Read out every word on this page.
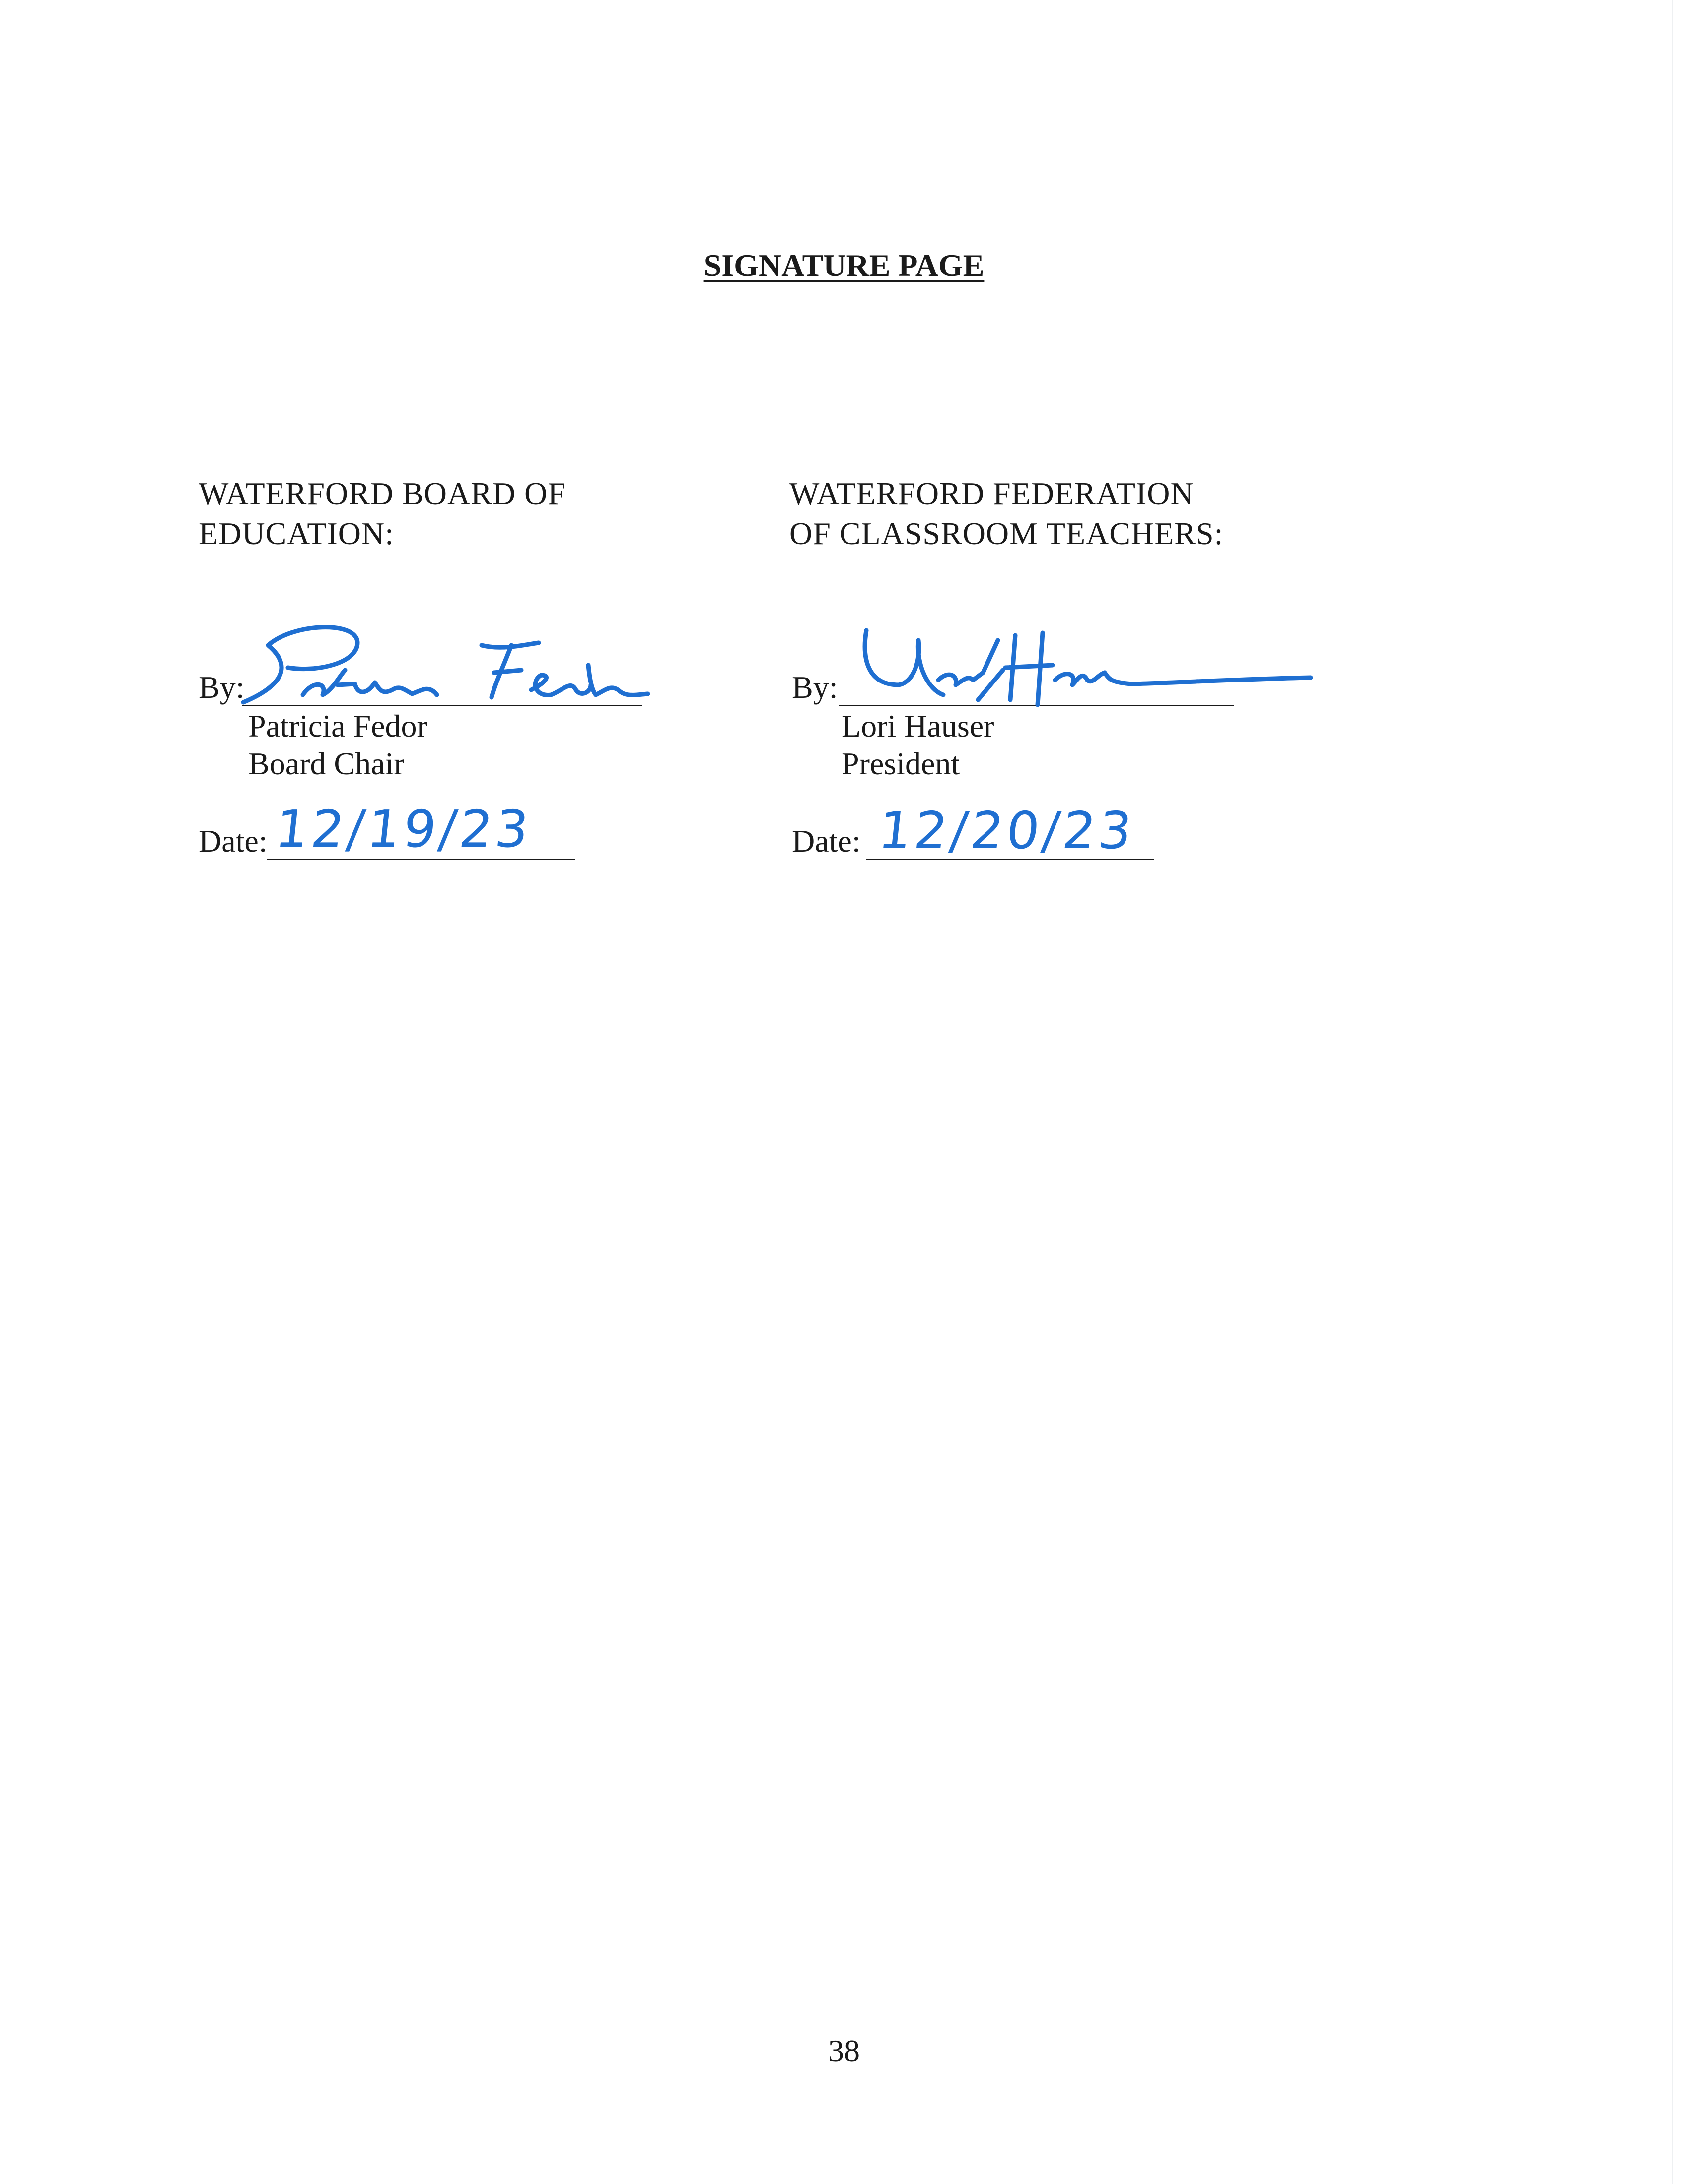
SIGNATURE PAGE
WATERFORD BOARD OF
EDUCATION:
By:
Patricia Fedor
Board Chair
Date: 12/19/23
WATERFORD FEDERATION
OF CLASSROOM TEACHERS:
By:
Lori Hauser
President
Date: 12/20/23
38
